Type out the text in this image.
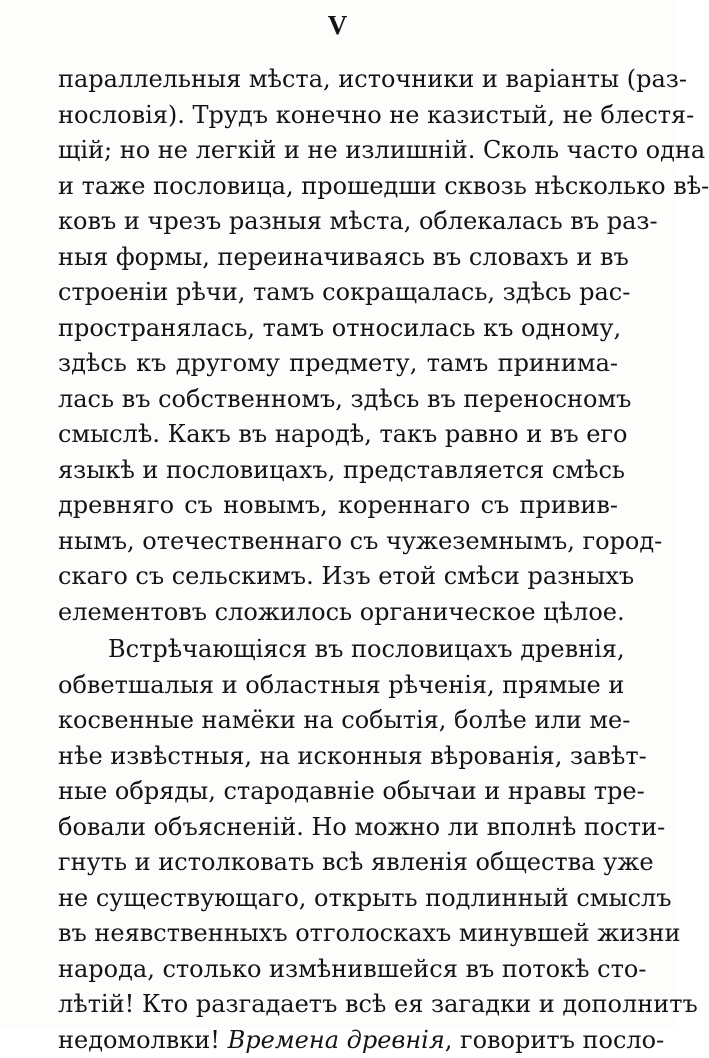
V
параллельныя мѣста, источники и варіанты (раз-
нословія). Трудъ конечно не казистый, не блестя-
щій; но не легкій и не излишній. Сколь часто одна
и таже пословица, прошедши сквозь нѣсколько вѣ-
ковъ и чрезъ разныя мѣста, облекалась въ раз-
ныя формы, переиначиваясь въ словахъ и въ
строеніи рѣчи, тамъ сокращалась, здѣсь рас-
пространялась, тамъ относилась къ одному,
здѣсь къ другому предмету, тамъ принима-
лась въ собственномъ, здѣсь въ переносномъ
смыслѣ. Какъ въ народѣ, такъ равно и въ его
языкѣ и пословицахъ, представляется смѣсь
древняго съ новымъ, кореннаго съ привив-
нымъ, отечественнаго съ чужеземнымъ, город-
скаго съ сельскимъ. Изъ етой смѣси разныхъ
елементовъ сложилось органическое цѣлое.
Встрѣчающіяся въ пословицахъ древнія,
обветшалыя и областныя рѣченія, прямые и
косвенные намёки на событія, болѣе или ме-
нѣе извѣстныя, на исконныя вѣрованія, завѣт-
ные обряды, стародавніе обычаи и нравы тре-
бовали объясненій. Но можно ли вполнѣ пости-
гнуть и истолковать всѣ явленія общества уже
не существующаго, открыть подлинный смыслъ
въ неявственныхъ отголоскахъ минувшей жизни
народа, столько измѣнившейся въ потокѣ сто-
лѣтій! Кто разгадаетъ всѣ ея загадки и дополнитъ
недомолвки! Времена древнія, говоритъ посло-
